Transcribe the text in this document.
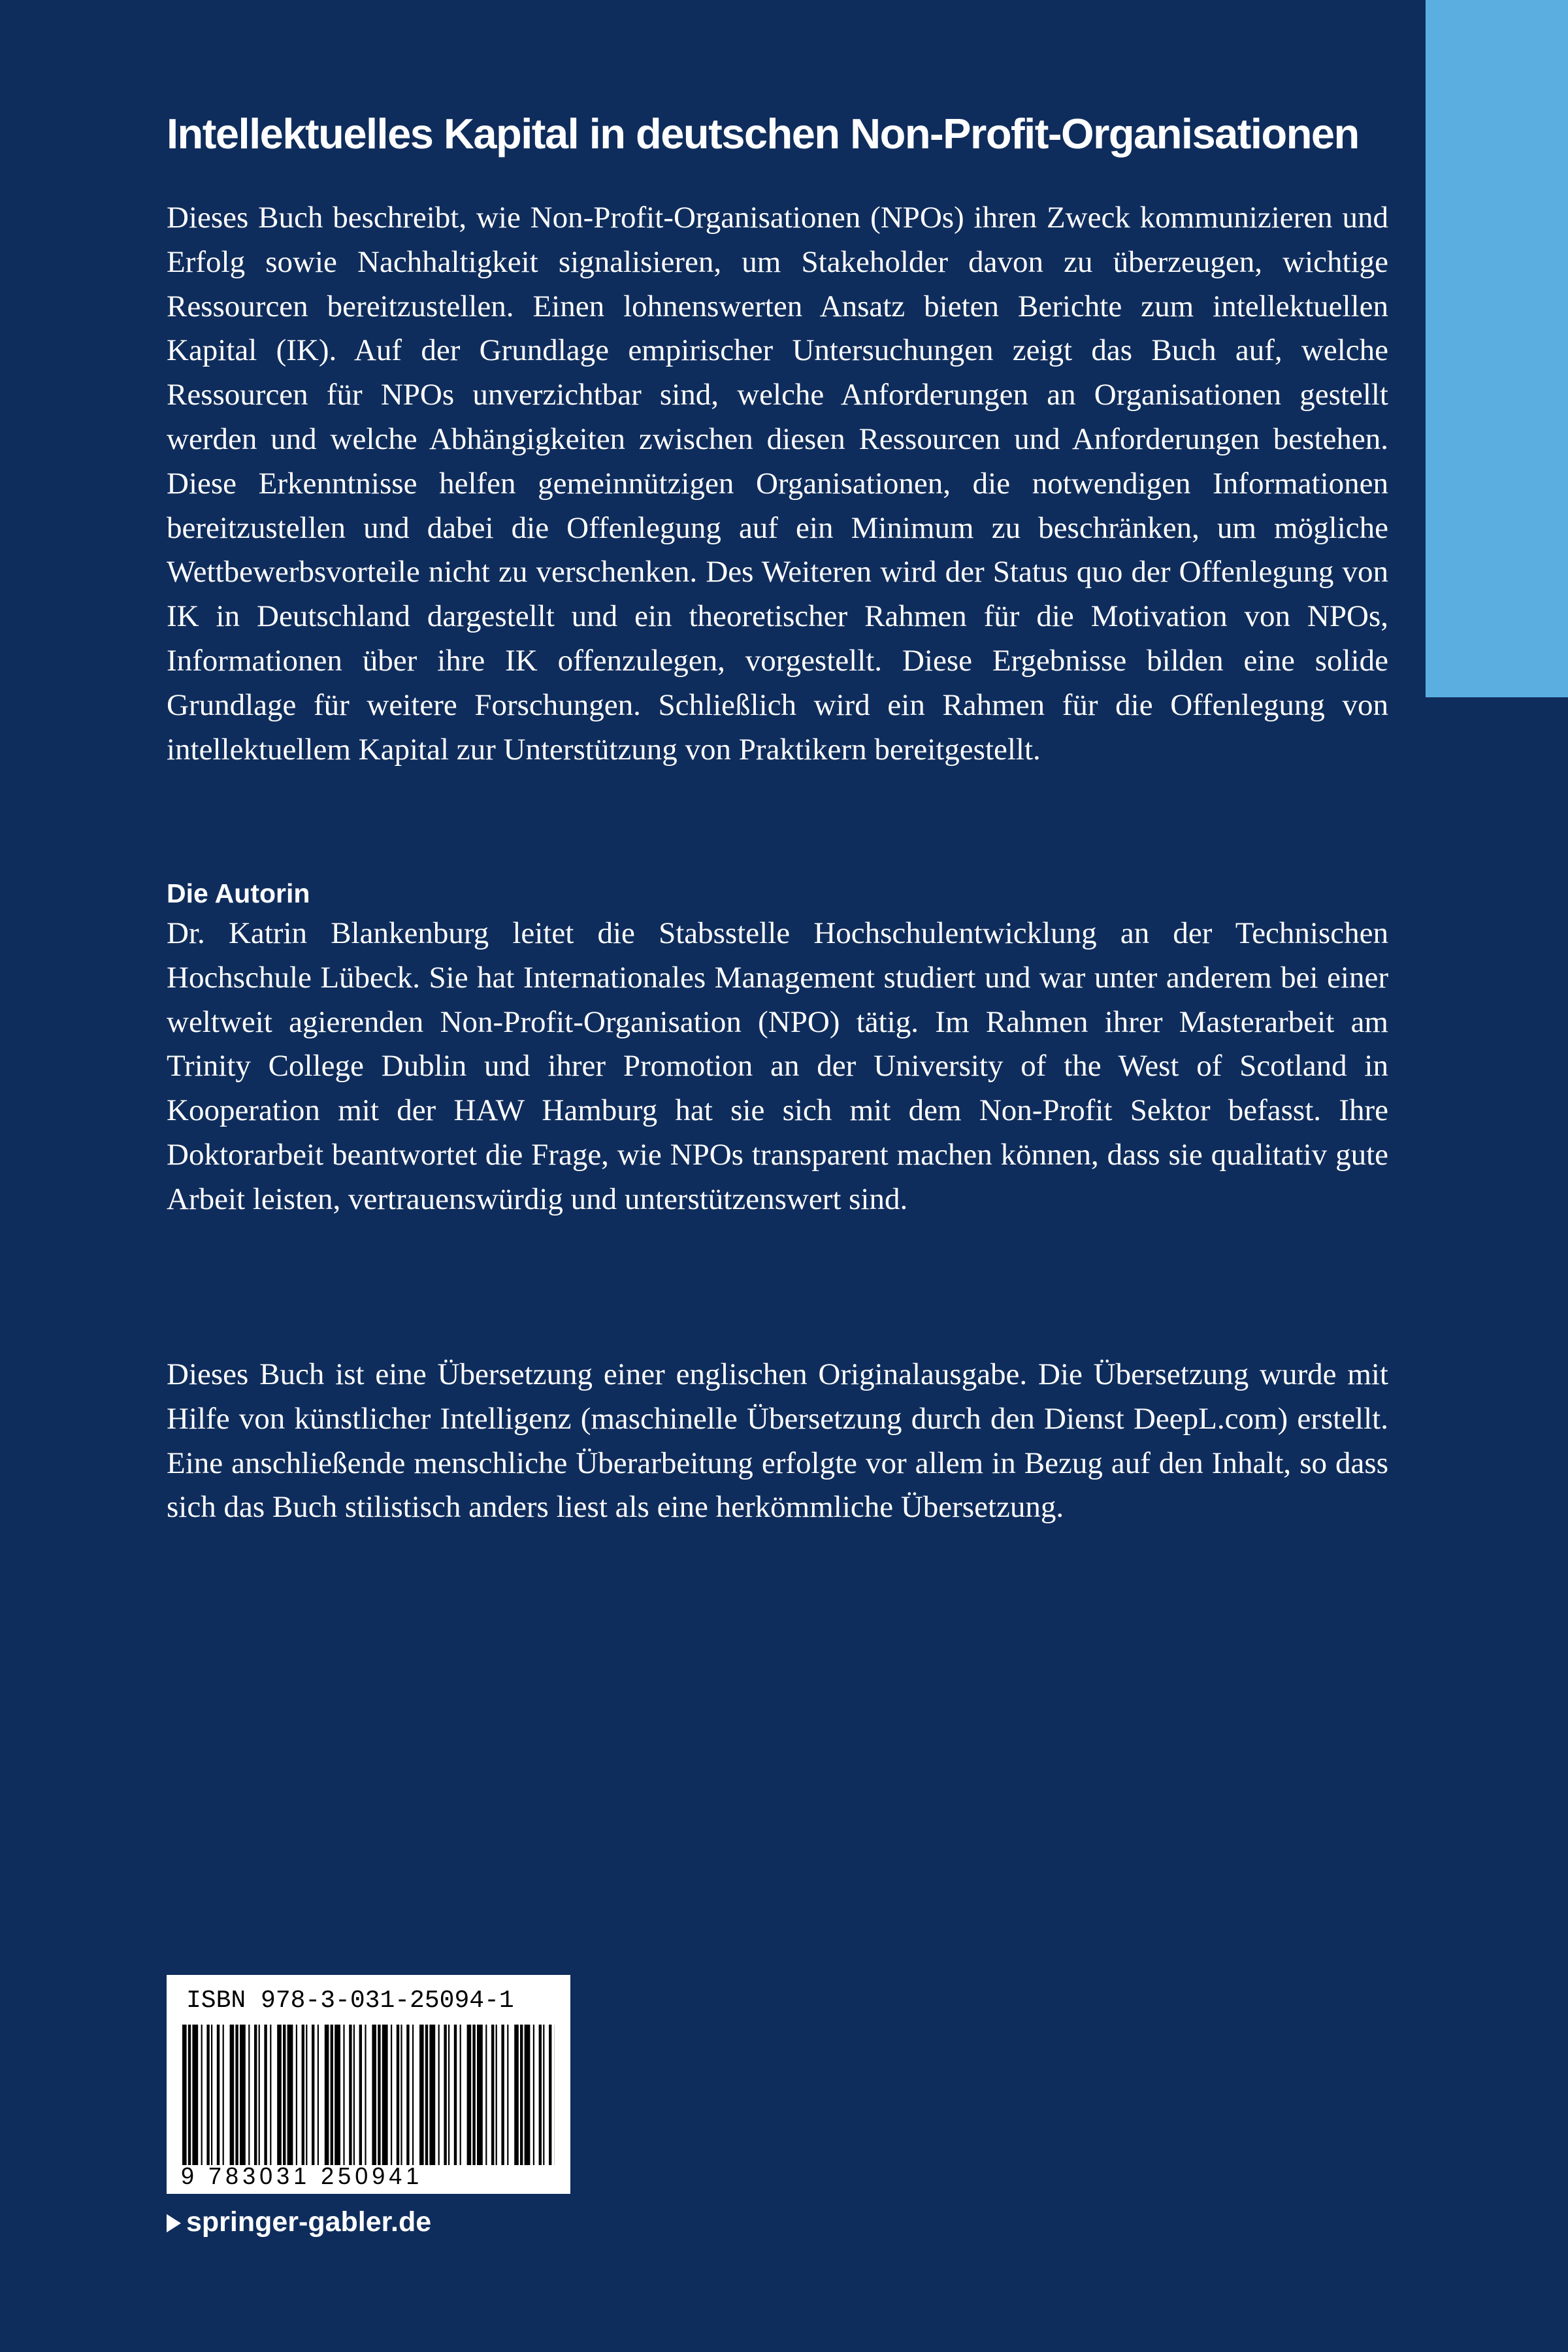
Intellektuelles Kapital in deutschen Non-Profit-Organisationen

Dieses Buch beschreibt, wie Non-Profit-Organisationen (NPOs) ihren Zweck kommunizieren und Erfolg sowie Nachhaltigkeit signalisieren, um Stakeholder davon zu überzeugen, wichtige Ressourcen bereitzustellen. Einen lohnenswerten Ansatz bieten Berichte zum intellektuellen Kapital (IK). Auf der Grundlage empirischer Untersuchungen zeigt das Buch auf, welche Ressourcen für NPOs unverzichtbar sind, welche Anforderungen an Organisationen gestellt werden und welche Abhängigkeiten zwischen diesen Ressourcen und Anforderungen bestehen. Diese Erkenntnisse helfen gemeinnützigen Organisationen, die notwendigen Informationen bereitzustellen und dabei die Offenlegung auf ein Minimum zu beschränken, um mögliche Wettbewerbsvorteile nicht zu verschenken. Des Weiteren wird der Status quo der Offenlegung von IK in Deutschland dargestellt und ein theoretischer Rahmen für die Motivation von NPOs, Informationen über ihre IK offenzulegen, vorgestellt. Diese Ergebnisse bilden eine solide Grundlage für weitere Forschungen. Schließlich wird ein Rahmen für die Offenlegung von intellektuellem Kapital zur Unterstützung von Praktikern bereitgestellt.

Die Autorin

Dr. Katrin Blankenburg leitet die Stabsstelle Hochschulentwicklung an der Technischen Hochschule Lübeck. Sie hat Internationales Management studiert und war unter anderem bei einer weltweit agierenden Non-Profit-Organisation (NPO) tätig. Im Rahmen ihrer Masterarbeit am Trinity College Dublin und ihrer Promotion an der University of the West of Scotland in Kooperation mit der HAW Hamburg hat sie sich mit dem Non-Profit Sektor befasst. Ihre Doktorarbeit beantwortet die Frage, wie NPOs transparent machen können, dass sie qualitativ gute Arbeit leisten, vertrauenswürdig und unterstützenswert sind.

Dieses Buch ist eine Übersetzung einer englischen Originalausgabe. Die Übersetzung wurde mit Hilfe von künstlicher Intelligenz (maschinelle Übersetzung durch den Dienst DeepL.com) erstellt. Eine anschließende menschliche Überarbeitung erfolgte vor allem in Bezug auf den Inhalt, so dass sich das Buch stilistisch anders liest als eine herkömmliche Übersetzung.

ISBN 978-3-031-25094-1
9 783031 250941
springer-gabler.de
